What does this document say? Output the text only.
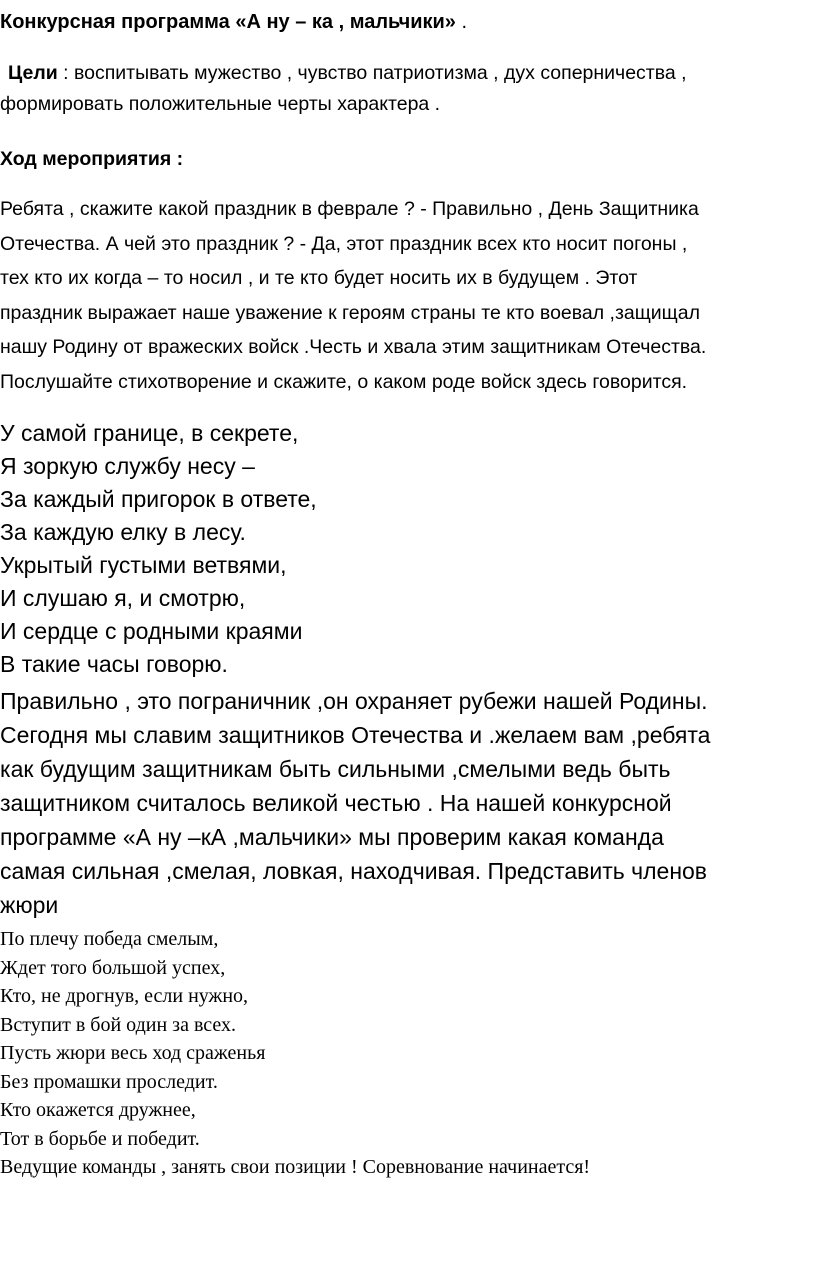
Конкурсная программа «А ну – ка , мальчики» .
Цели : воспитывать мужество , чувство патриотизма , дух соперничества ,
формировать положительные черты характера .
Ход мероприятия :
Ребята , скажите какой праздник в феврале ? - Правильно , День Защитника
Отечества. А чей это праздник ? - Да, этот праздник всех кто носит погоны ,
тех кто их когда – то носил , и те кто будет носить их в будущем . Этот
праздник выражает наше уважение к героям страны те кто воевал ,защищал
нашу Родину от вражеских войск .Честь и хвала этим защитникам Отечества.
Послушайте стихотворение и скажите, о каком роде войск здесь говорится.
У самой границе, в секрете,
Я зоркую службу несу –
За каждый пригорок в ответе,
За каждую елку в лесу.
Укрытый густыми ветвями,
И слушаю я, и смотрю,
И сердце с родными краями
В такие часы говорю.
Правильно , это пограничник ,он охраняет рубежи нашей Родины.
Сегодня мы славим защитников Отечества и .желаем вам ,ребята
как будущим защитникам быть сильными ,смелыми ведь быть
защитником считалось великой честью . На нашей конкурсной
программе «А ну –кА ,мальчики» мы проверим какая команда
самая сильная ,смелая, ловкая, находчивая. Представить членов
жюри
По плечу победа смелым,
Ждет того большой успех,
Кто, не дрогнув, если нужно,
Вступит в бой один за всех.
Пусть жюри весь ход сраженья
Без промашки проследит.
Кто окажется дружнее,
Тот в борьбе и победит.
Ведущие команды , занять свои позиции ! Соревнование начинается!
